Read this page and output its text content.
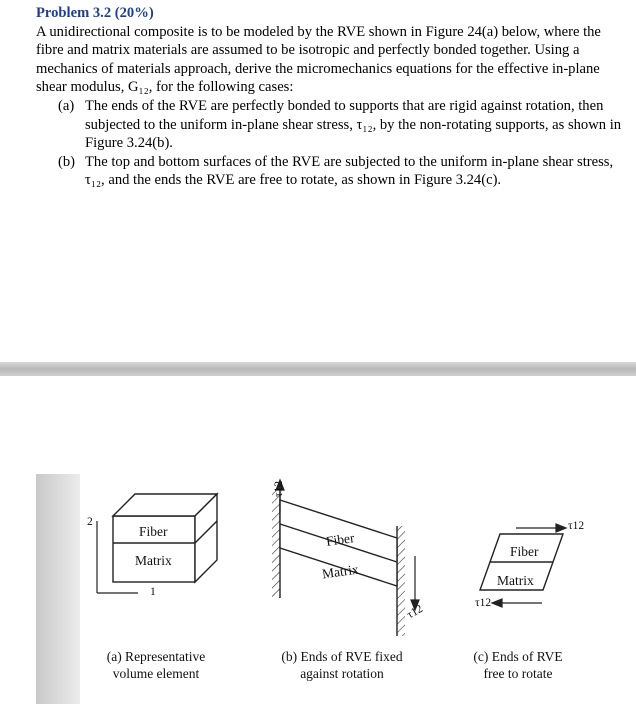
Problem 3.2 (20%)

A unidirectional composite is to be modeled by the RVE shown in Figure 24(a) below, where the fibre and matrix materials are assumed to be isotropic and perfectly bonded together. Using a mechanics of materials approach, derive the micromechanics equations for the effective in-plane shear modulus, G₁₂, for the following cases:

(a) The ends of the RVE are perfectly bonded to supports that are rigid against rotation, then subjected to the uniform in-plane shear stress, τ₁₂, by the non-rotating supports, as shown in Figure 3.24(b).
(b) The top and bottom surfaces of the RVE are subjected to the uniform in-plane shear stress, τ₁₂, and the ends the RVE are free to rotate, as shown in Figure 3.24(c).
Fiber
Matrix
2
1
(a) Representative
volume element
Fiber
Matrix
τ12
τ12
(b) Ends of RVE fixed
against rotation
Fiber
Matrix
τ12
τ12
(c) Ends of RVE
free to rotate
